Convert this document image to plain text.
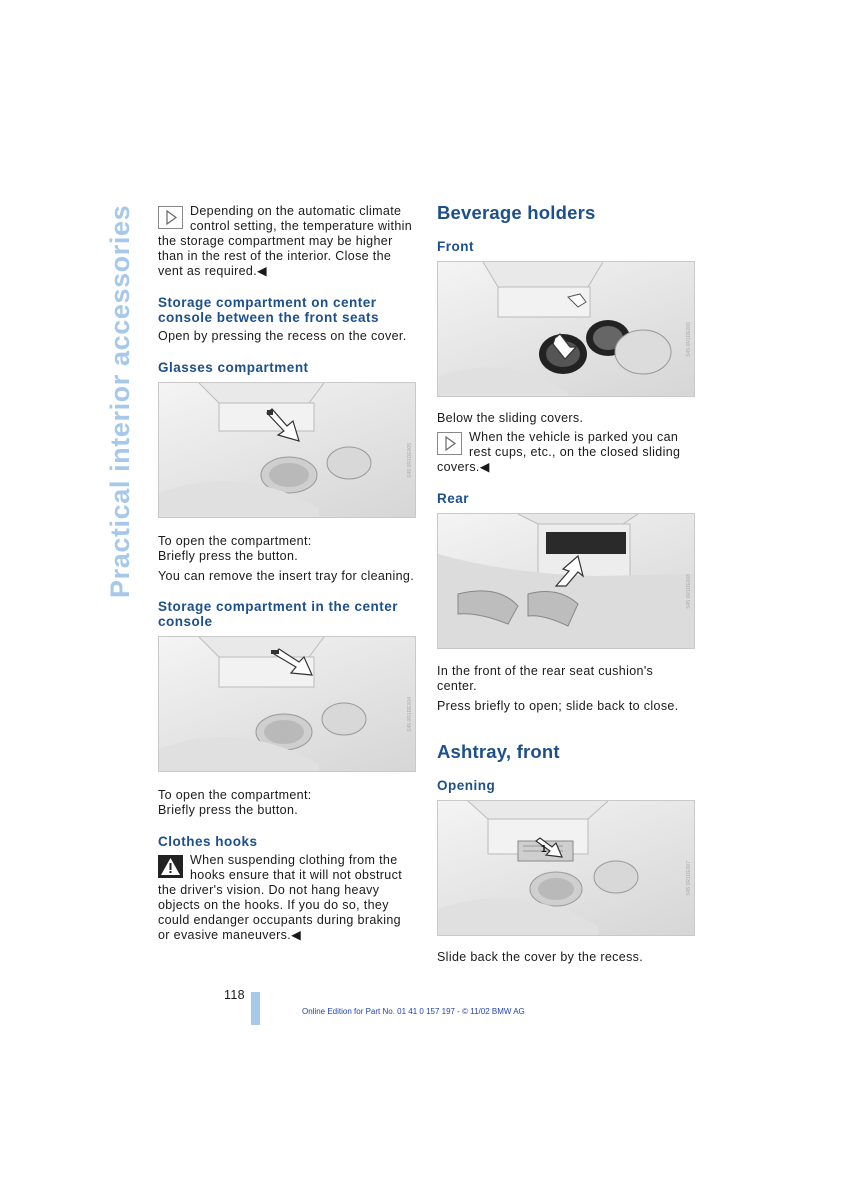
Practical interior accessories	Depending on the automatic climate control setting, the temperature within the storage compartment may be higher than in the rest of the interior. Close the vent as required.◀

Storage compartment on center console between the front seats

Open by pressing the recess on the cover.

Glasses compartment
S45 0R1DE005

To open the compartment:

Briefly press the button.

You can remove the insert tray for cleaning.

Storage compartment in the center console
S45 0R1DE004

To open the compartment:

Briefly press the button.

Clothes hooks

When suspending clothing from the hooks ensure that it will not obstruct the driver's vision. Do not hang heavy objects on the hooks. If you do so, they could endanger occupants during braking or evasive maneuvers.◀

Beverage holders
Front
S45 0R1DE006

Below the sliding covers.

When the vehicle is parked you can rest cups, etc., on the closed sliding covers.◀

Rear
S45 0R1DE008

In the front of the rear seat cushion's center.

Press briefly to open; slide back to close.

Ashtray, front
Opening
1
S45 0R1DE007

Slide back the cover by the recess.

118
Online Edition for Part No. 01 41 0 157 197 - © 11/02 BMW AG
